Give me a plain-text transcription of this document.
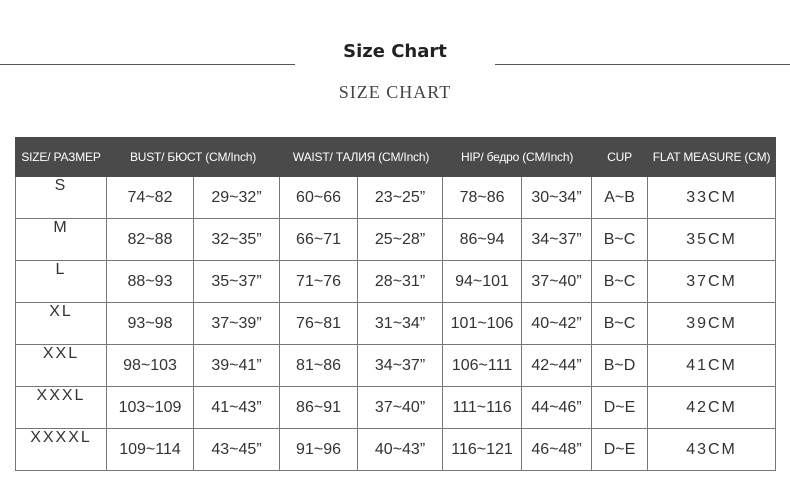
Size Chart
SIZE CHART
SIZE/ РАЗМЕР	BUST/ БЮСТ (CM/Inch)		WAIST/ ТАЛИЯ (CM/Inch)		HIP/ бедро (CM/Inch)		CUP	FLAT MEASURE (CM)
S	74~82	29~32”	60~66	23~25”	78~86	30~34”	A~B	33CM
M	82~88	32~35”	66~71	25~28”	86~94	34~37”	B~C	35CM
L	88~93	35~37”	71~76	28~31”	94~101	37~40”	B~C	37CM
XL	93~98	37~39”	76~81	31~34”	101~106	40~42”	B~C	39CM
XXL	98~103	39~41”	81~86	34~37”	106~111	42~44”	B~D	41CM
XXXL	103~109	41~43”	86~91	37~40”	111~116	44~46”	D~E	42CM
XXXXL	109~114	43~45”	91~96	40~43”	116~121	46~48”	D~E	43CM
